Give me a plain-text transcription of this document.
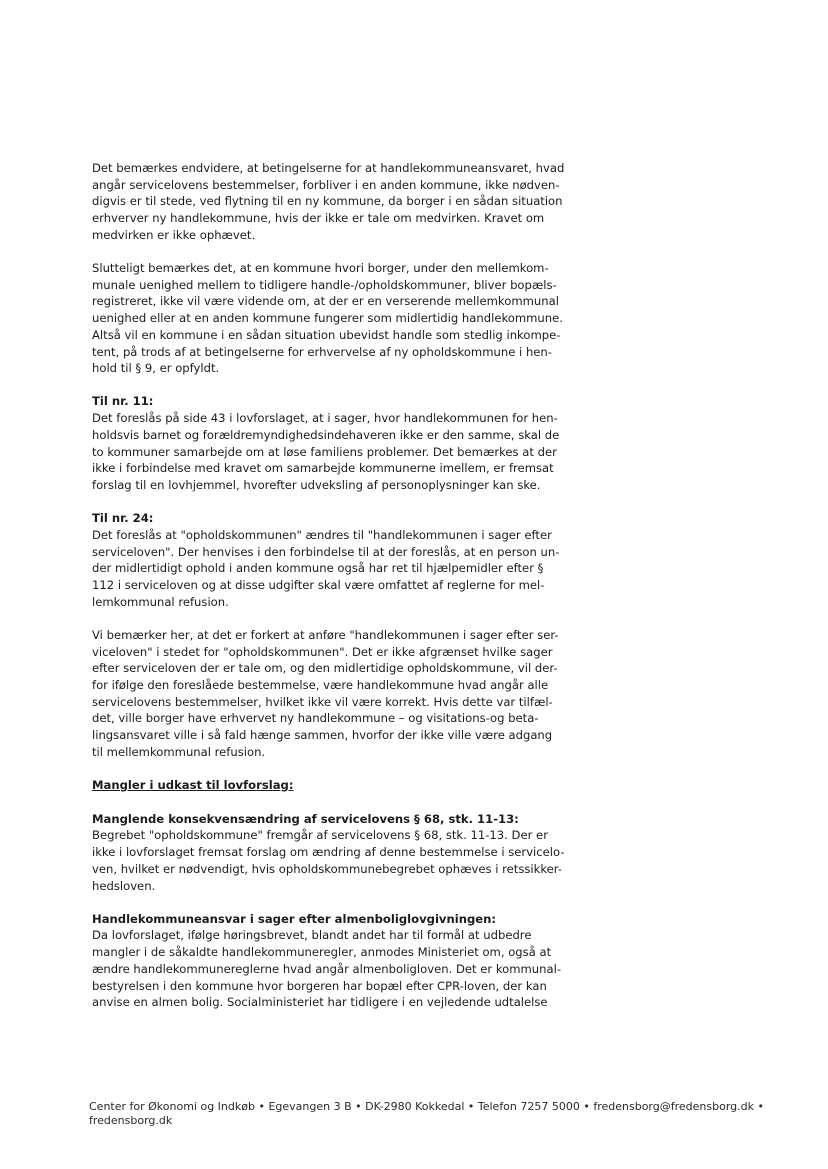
Det bemærkes endvidere, at betingelserne for at handlekommuneansvaret, hvad
angår servicelovens bestemmelser, forbliver i en anden kommune, ikke nødven-
digvis er til stede, ved flytning til en ny kommune, da borger i en sådan situation
erhverver ny handlekommune, hvis der ikke er tale om medvirken. Kravet om
medvirken er ikke ophævet.

Slutteligt bemærkes det, at en kommune hvori borger, under den mellemkom-
munale uenighed mellem to tidligere handle-/opholdskommuner, bliver bopæls-
registreret, ikke vil være vidende om, at der er en verserende mellemkommunal
uenighed eller at en anden kommune fungerer som midlertidig handlekommune.
Altså vil en kommune i en sådan situation ubevidst handle som stedlig inkompe-
tent, på trods af at betingelserne for erhvervelse af ny opholdskommune i hen-
hold til § 9, er opfyldt.

Til nr. 11:
Det foreslås på side 43 i lovforslaget, at i sager, hvor handlekommunen for hen-
holdsvis barnet og forældremyndighedsindehaveren ikke er den samme, skal de
to kommuner samarbejde om at løse familiens problemer. Det bemærkes at der
ikke i forbindelse med kravet om samarbejde kommunerne imellem, er fremsat
forslag til en lovhjemmel, hvorefter udveksling af personoplysninger kan ske.

Til nr. 24:
Det foreslås at "opholdskommunen" ændres til "handlekommunen i sager efter
serviceloven". Der henvises i den forbindelse til at der foreslås, at en person un-
der midlertidigt ophold i anden kommune også har ret til hjælpemidler efter §
112 i serviceloven og at disse udgifter skal være omfattet af reglerne for mel-
lemkommunal refusion.

Vi bemærker her, at det er forkert at anføre "handlekommunen i sager efter ser-
viceloven" i stedet for "opholdskommunen". Det er ikke afgrænset hvilke sager
efter serviceloven der er tale om, og den midlertidige opholdskommune, vil der-
for ifølge den foreslåede bestemmelse, være handlekommune hvad angår alle
servicelovens bestemmelser, hvilket ikke vil være korrekt. Hvis dette var tilfæl-
det, ville borger have erhvervet ny handlekommune – og visitations-og beta-
lingsansvaret ville i så fald hænge sammen, hvorfor der ikke ville være adgang
til mellemkommunal refusion.

Mangler i udkast til lovforslag:

Manglende konsekvensændring af servicelovens § 68, stk. 11-13:
Begrebet "opholdskommune" fremgår af servicelovens § 68, stk. 11-13. Der er
ikke i lovforslaget fremsat forslag om ændring af denne bestemmelse i servicelo-
ven, hvilket er nødvendigt, hvis opholdskommunebegrebet ophæves i retssikker-
hedsloven.

Handlekommuneansvar i sager efter almenboliglovgivningen:
Da lovforslaget, ifølge høringsbrevet, blandt andet har til formål at udbedre
mangler i de såkaldte handlekommuneregler, anmodes Ministeriet om, også at
ændre handlekommunereglerne hvad angår almenboligloven. Det er kommunal-
bestyrelsen i den kommune hvor borgeren har bopæl efter CPR-loven, der kan
anvise en almen bolig. Socialministeriet har tidligere i en vejledende udtalelse

Center for Økonomi og Indkøb • Egevangen 3 B • DK-2980 Kokkedal • Telefon 7257 5000 • fredensborg@fredensborg.dk •
fredensborg.dk
